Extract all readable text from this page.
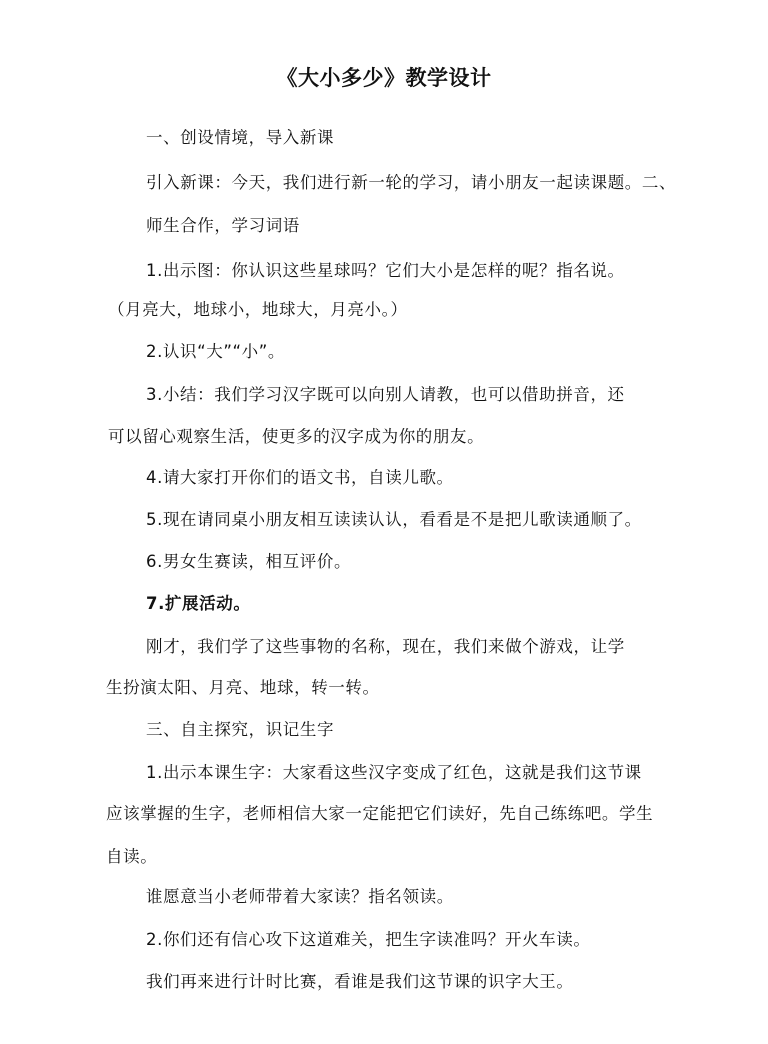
《大小多少》教学设计
一、创设情境，导入新课
引入新课：今天，我们进行新一轮的学习，请小朋友一起读课题。二、
师生合作，学习词语
1.出示图：你认识这些星球吗？它们大小是怎样的呢？指名说。
（月亮大，地球小，地球大，月亮小。）
2.认识“大”“小”。
3.小结：我们学习汉字既可以向别人请教，也可以借助拼音，还
可以留心观察生活，使更多的汉字成为你的朋友。
4.请大家打开你们的语文书，自读儿歌。
5.现在请同桌小朋友相互读读认认，看看是不是把儿歌读通顺了。
6.男女生赛读，相互评价。
7.扩展活动。
刚才，我们学了这些事物的名称，现在，我们来做个游戏，让学
生扮演太阳、月亮、地球，转一转。
三、自主探究，识记生字
1.出示本课生字：大家看这些汉字变成了红色，这就是我们这节课
应该掌握的生字，老师相信大家一定能把它们读好，先自己练练吧。学生
自读。
谁愿意当小老师带着大家读？指名领读。
2.你们还有信心攻下这道难关，把生字读准吗？开火车读。
我们再来进行计时比赛，看谁是我们这节课的识字大王。
